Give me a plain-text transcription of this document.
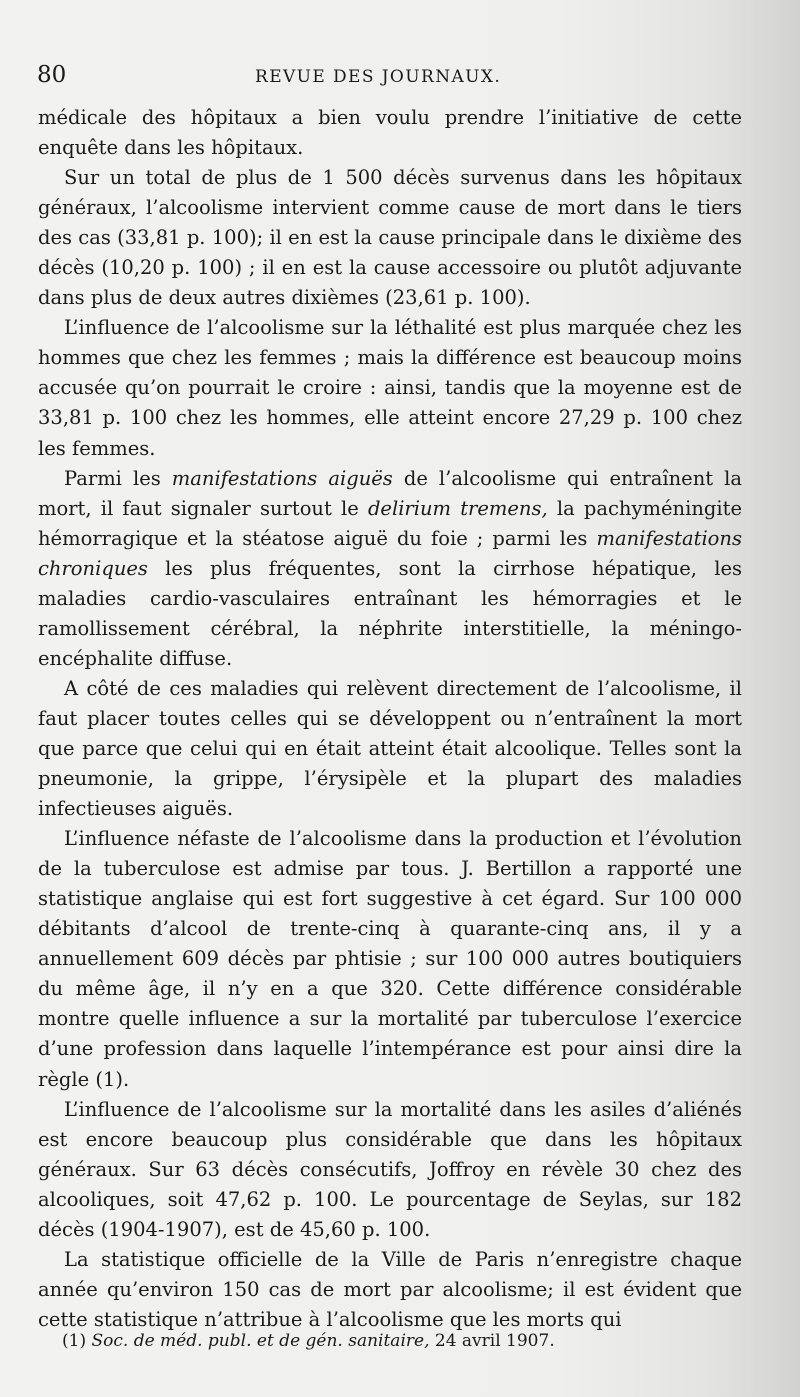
80	REVUE DES JOURNAUX.

médicale des hôpitaux a bien voulu prendre l’initiative de cette enquête dans les hôpitaux.

Sur un total de plus de 1 500 décès survenus dans les hôpitaux généraux, l’alcoolisme intervient comme cause de mort dans le tiers des cas (33,81 p. 100); il en est la cause principale dans le dixième des décès (10,20 p. 100) ; il en est la cause accessoire ou plutôt adjuvante dans plus de deux autres dixièmes (23,61 p. 100).

L’influence de l’alcoolisme sur la léthalité est plus marquée chez les hommes que chez les femmes ; mais la différence est beaucoup moins accusée qu’on pourrait le croire : ainsi, tandis que la moyenne est de 33,81 p. 100 chez les hommes, elle atteint encore 27,29 p. 100 chez les femmes.

Parmi les manifestations aiguës de l’alcoolisme qui entraînent la mort, il faut signaler surtout le delirium tremens, la pachyméningite hémorragique et la stéatose aiguë du foie ; parmi les manifestations chroniques les plus fréquentes, sont la cirrhose hépatique, les maladies cardio-vasculaires entraînant les hémorragies et le ramollissement cérébral, la néphrite interstitielle, la méningo-encéphalite diffuse.

A côté de ces maladies qui relèvent directement de l’alcoolisme, il faut placer toutes celles qui se développent ou n’entraînent la mort que parce que celui qui en était atteint était alcoolique. Telles sont la pneumonie, la grippe, l’érysipèle et la plupart des maladies infectieuses aiguës.

L’influence néfaste de l’alcoolisme dans la production et l’évolution de la tuberculose est admise par tous. J. Bertillon a rapporté une statistique anglaise qui est fort suggestive à cet égard. Sur 100 000 débitants d’alcool de trente-cinq à quarante-cinq ans, il y a annuellement 609 décès par phtisie ; sur 100 000 autres boutiquiers du même âge, il n’y en a que 320. Cette différence considérable montre quelle influence a sur la mortalité par tuberculose l’exercice d’une profession dans laquelle l’intempérance est pour ainsi dire la règle (1).

L’influence de l’alcoolisme sur la mortalité dans les asiles d’aliénés est encore beaucoup plus considérable que dans les hôpitaux généraux. Sur 63 décès consécutifs, Joffroy en révèle 30 chez des alcooliques, soit 47,62 p. 100. Le pourcentage de Seylas, sur 182 décès (1904-1907), est de 45,60 p. 100.

La statistique officielle de la Ville de Paris n’enregistre chaque année qu’environ 150 cas de mort par alcoolisme; il est évident que cette statistique n’attribue à l’alcoolisme que les morts qui

(1) Soc. de méd. publ. et de gén. sanitaire, 24 avril 1907.
